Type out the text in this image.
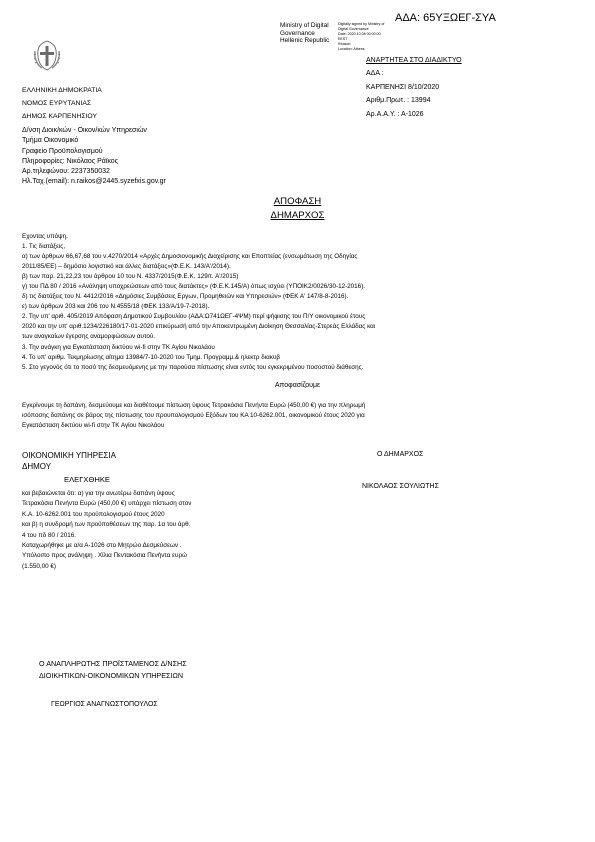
ΑΔΑ: 65ΥΞΩΕΓ-ΣΥΑ
Ministry of Digital
Governance
Hellenic Republic
Digitally signed by Ministry of
Digital Governance
Date: 2020.10.08 00:00:00
EEST
Reason:
Location: Athens
ΕΛΛΗΝΙΚΗ ΔΗΜΟΚΡΑΤΙΑ
ΝΟΜΟΣ ΕΥΡΥΤΑΝΙΑΣ
ΔΗΜΟΣ ΚΑΡΠΕΝΗΣΙΟΥ
ΑΝΑΡΤΗΤΕΑ ΣΤΟ ΔΙΑΔΙΚΤΥΟ
ΑΔΑ :
ΚΑΡΠΕΝΗΣΙ 8/10/2020
Αριθμ.Πρωτ. : 13994
Αρ.Α.Α.Υ. : Α-1026
Δ/νση Διοικ/κών - Οικον/κών Υπηρεσιών
Τμήμα Οικονομικό
Γραφείο Προϋπολογισμού
Πληροφορίες: Νικόλαος Ράϊκος
Αρ.τηλεφώνου: 2237350032
Ηλ.Ταχ.(email): n.raikos@2445.syzefxis.gov.gr
ΑΠΟΦΑΣΗ
ΔΗΜΑΡΧΟΣ
Εχοντας υπόψη,
1. Τις διατάξεις,
α) των άρθρων 66,67,68 του ν.4270/2014 «Αρχές Δημοσιονομικής Διαχείρισης και Εποπτείας (ενσωμάτωση της Οδηγίας
2011/85/ΕΕ) – δημόσιο λογιστικό και άλλες διατάξεις»(Φ.Ε.Κ. 143/Α'/2014).
β) των παρ. 21,22,23 του άρθρου 10 του Ν. 4337/2015(Φ.Ε.Κ. 129/τ. Α'/2015)
γ) του ΠΔ 80 / 2016 «Ανάληψη υποχρεώσεων από τους διατάκτες» (Φ.Ε.Κ.145/Α) όπως ισχύει (ΥΠΟΙΚ2/0026/30-12-2016).
δ) τις διατάξεις του Ν. 4412/2016 «Δημόσιες Συμβάσεις Εργων, Προμηθειών και Υπηρεσιών» (ΦΕΚ Α' 147/8-8-2016).
ε) των άρθρων 203 και 206 του Ν.4555/18 (ΦΕΚ 133/Α/19-7-2018).
2. Την υπ' αριθ. 405/2019 Απόφαση Δημοτικού Συμβουλίου (ΑΔΑ:Ω741ΩΕΓ-4ΨΜ) περί ψήφισης του Π/Υ οικονομικού έτους
2020 και την υπ' αριθ.1234/226180/17-01-2020 επικύρωσή από την Αποκεντρωμένη Διοίκηση Θεσσαλίας-Στερεάς Ελλάδας και
των αναγκαίων έγερσης αναμορφώσεων αυτού.
3. Την ανάγκη για Εγκατάσταση δικτύου wi-fi στην ΤΚ Αγίου Νικολάου
4. Το υπ' αριθμ. Τεκμηρίωσης αίτημα 13984/7-10-2020 του Τμημ. Προγραμμ.& ηλεκτρ διακυβ
5. Στο γεγονός ότι το ποσό της δεσμευόμενης με την παρούσα πίστωσης είναι εντός του εγκεκριμένου ποσοστού διάθεσης.
Αποφασίζουμε
Εγκρίνουμε τη δαπάνη, δεσμεύουμε και διαθέτουμε πίστωση ύψους Τετρακόσια Πενήντα Ευρώ (450,00 €) για την πληρωμή
ισόποσης δαπάνης σε βάρος της πίστωσης του προυπολογισμού Εξόδων του ΚΑ 10-6262.001, οικονομικού έτους 2020 για
Εγκατάσταση δικτύου wi-fi στην ΤΚ Αγίου Νικολάου
ΟΙΚΟΝΟΜΙΚΗ ΥΠΗΡΕΣΙΑ
ΔΗΜΟΥ
ΕΛΕΓΧΘΗΚΕ
και βεβαιώνεται ότι: α) για την ανωτέρω δαπάνη ύψους
Τετρακόσια Πενήντα Ευρώ (450,00 €) υπάρχει πίστωση στον
Κ.Α. 10-6262.001 του προϋπολογισμού έτους 2020
και β) η συνδρομή των προϋποθέσεων της παρ. 1α του άρθ.
4 του πδ 80 / 2016.
Καταχωρήθηκε με α/α Α-1026 στο Μητρώο Δεσμεύσεων .
Υπόλοιπο προς ανάληψη . Χίλια Πεντακόσια Πενήντα ευρώ
(1.550,00 €)
Ο ΔΗΜΑΡΧΟΣ
ΝΙΚΟΛΑΟΣ ΣΟΥΛΙΩΤΗΣ
Ο ΑΝΑΠΛΗΡΩΤΗΣ ΠΡΟΪΣΤΑΜΕΝΟΣ Δ/ΝΣΗΣ
ΔΙΟΙΚΗΤΙΚΩΝ-ΟΙΚΟΝΟΜΙΚΩΝ ΥΠΗΡΕΣΙΩΝ
ΓΕΩΡΓΙΟΣ ΑΝΑΓΝΩΣΤΟΠΟΥΛΟΣ
